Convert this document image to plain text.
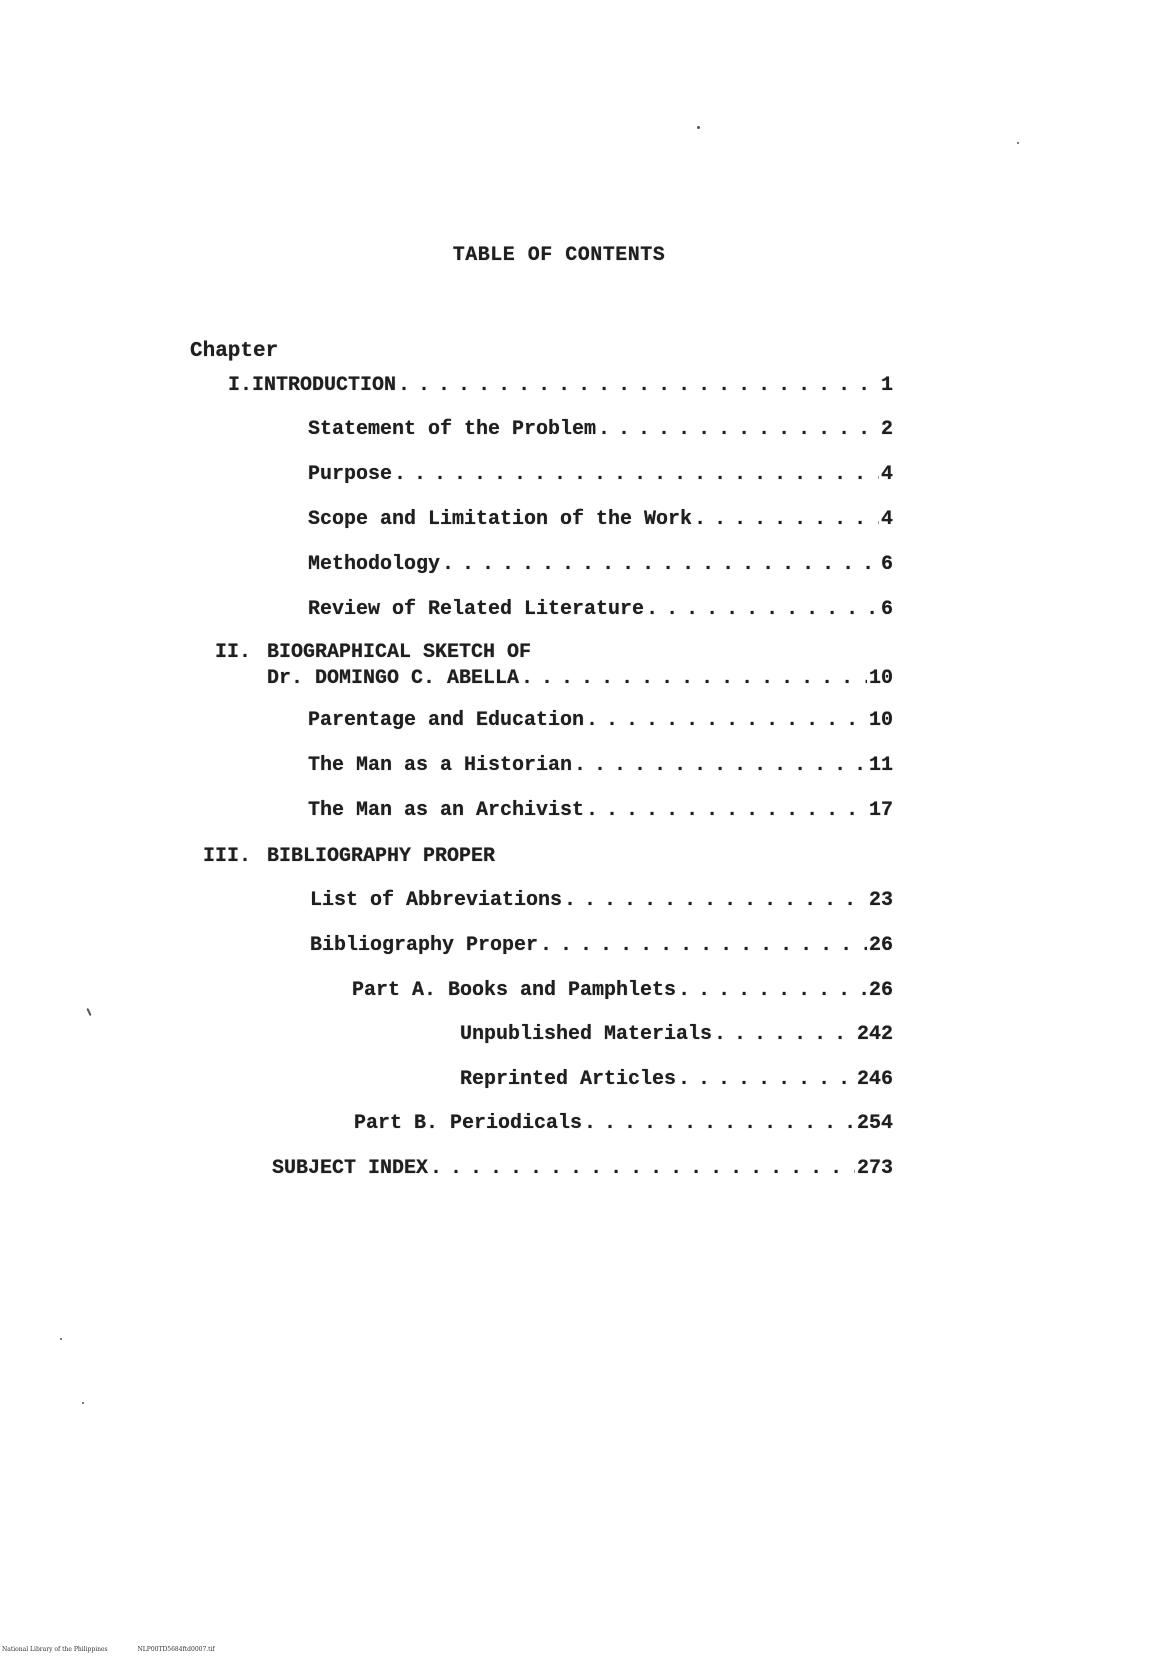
TABLE OF CONTENTS
Chapter
I. INTRODUCTION . . .	1
Statement of the Problem . . .	2
Purpose . . .	4
Scope and Limitation of the Work . . .	4
Methodology . . .	6
Review of Related Literature . . .	6
II. BIOGRAPHICAL SKETCH OF
Dr. DOMINGO C. ABELLA . . .	10
Parentage and Education . . .	10
The Man as a Historian . . .	11
The Man as an Archivist . . .	17
III. BIBLIOGRAPHY PROPER
List of Abbreviations . . .	23
Bibliography Proper . . .	26
Part A. Books and Pamphlets . . .	26
Unpublished Materials . . .	242
Reprinted Articles . . .	246
Part B. Periodicals . . .	254
SUBJECT INDEX . . .	273
National Library of the Philippines	NLP00TD5684ftd0007.tif
